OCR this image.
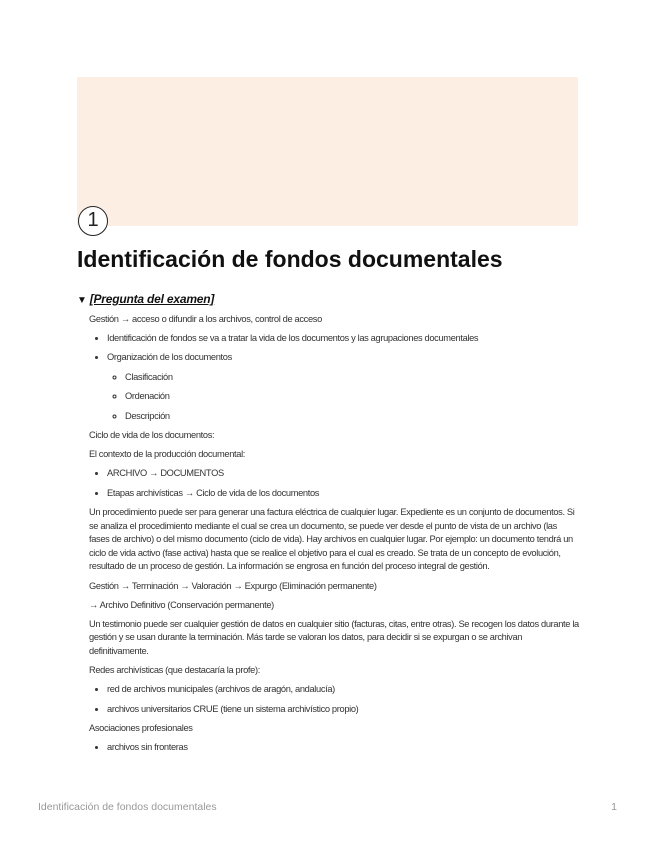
1
Identificación de fondos documentales
▼ [Pregunta del examen]

Gestión → acceso o difundir a los archivos, control de acceso

• Identificación de fondos se va a tratar la vida de los documentos y las agrupaciones documentales
• Organización de los documentos
◦ Clasificación
◦ Ordenación
◦ Descripción

Ciclo de vida de los documentos:

El contexto de la producción documental:

• ARCHIVO → DOCUMENTOS
• Etapas archivísticas → Ciclo de vida de los documentos

Un procedimiento puede ser para generar una factura eléctrica de cualquier lugar. Expediente es un conjunto de documentos. Si se analiza el procedimiento mediante el cual se crea un documento, se puede ver desde el punto de vista de un archivo (las fases de archivo) o del mismo documento (ciclo de vida). Hay archivos en cualquier lugar. Por ejemplo: un documento tendrá un ciclo de vida activo (fase activa) hasta que se realice el objetivo para el cual es creado. Se trata de un concepto de evolución, resultado de un proceso de gestión. La información se engrosa en función del proceso integral de gestión.

Gestión → Terminación → Valoración → Expurgo (Eliminación permanente)

→ Archivo Definitivo (Conservación permanente)

Un testimonio puede ser cualquier gestión de datos en cualquier sitio (facturas, citas, entre otras). Se recogen los datos durante la gestión y se usan durante la terminación. Más tarde se valoran los datos, para decidir si se expurgan o se archivan definitivamente.

Redes archivísticas (que destacaría la profe):

• red de archivos municipales (archivos de aragón, andalucía)
• archivos universitarios CRUE (tiene un sistema archivístico propio)

Asociaciones profesionales

• archivos sin fronteras
Identificación de fondos documentales	1
